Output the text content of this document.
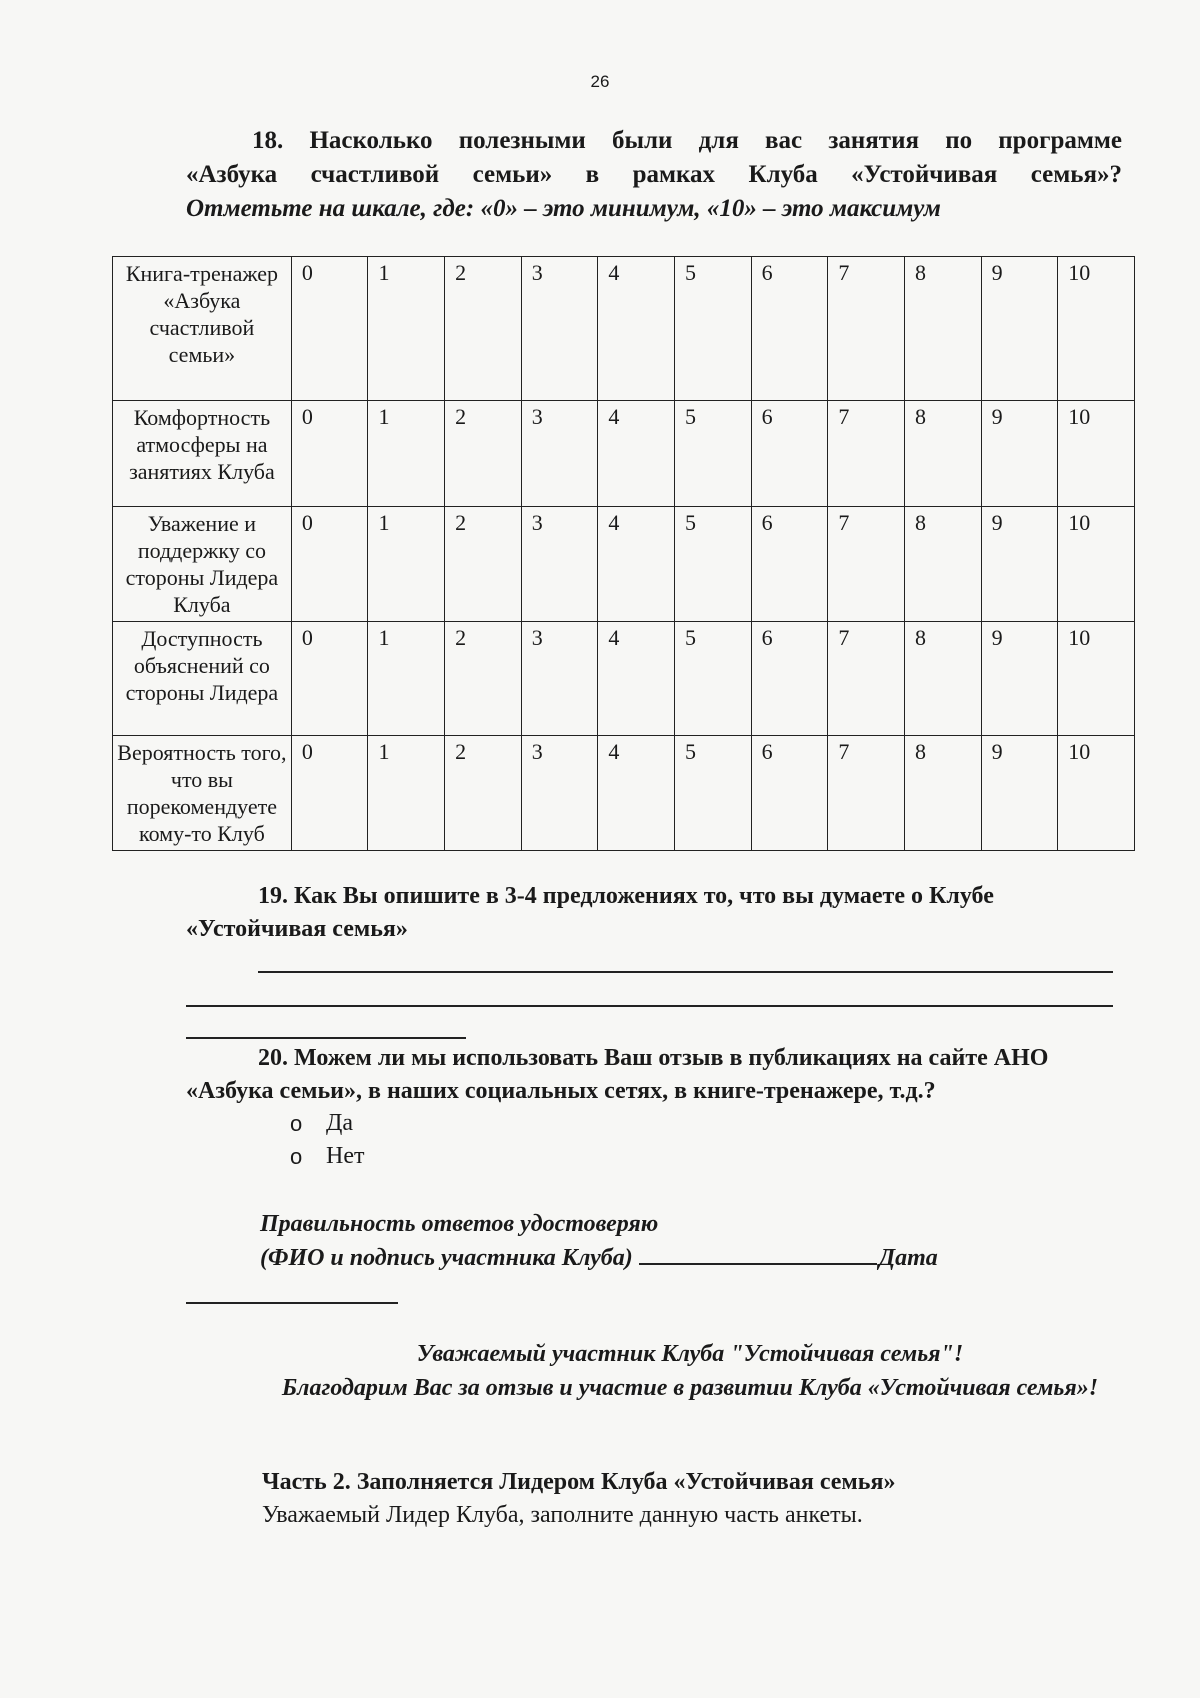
26
18. Насколько полезными были для вас занятия по программе
«Азбука счастливой семьи» в рамках Клуба «Устойчивая семья»?
Отметьте на шкале, где: «0» – это минимум, «10» – это максимум
Книга-тренажер «Азбука счастливой семьи»	0	1	2	3	4	5	6	7	8	9	10
Комфортность атмосферы на занятиях Клуба	0	1	2	3	4	5	6	7	8	9	10
Уважение и поддержку со стороны Лидера Клуба	0	1	2	3	4	5	6	7	8	9	10
Доступность объяснений со стороны Лидера	0	1	2	3	4	5	6	7	8	9	10
Вероятность того, что вы порекомендуете кому-то Клуб	0	1	2	3	4	5	6	7	8	9	10
19. Как Вы опишите в 3-4 предложениях то, что вы думаете о Клубе «Устойчивая семья»
20. Можем ли мы использовать Ваш отзыв в публикациях на сайте АНО «Азбука семьи», в наших социальных сетях, в книге-тренажере, т.д.?
o Да
o Нет
Правильность ответов удостоверяю
(ФИО и подпись участника Клуба)	Дата
Уважаемый участник Клуба "Устойчивая семья"!
Благодарим Вас за отзыв и участие в развитии Клуба «Устойчивая семья»!
Часть 2. Заполняется Лидером Клуба «Устойчивая семья»
Уважаемый Лидер Клуба, заполните данную часть анкеты.
